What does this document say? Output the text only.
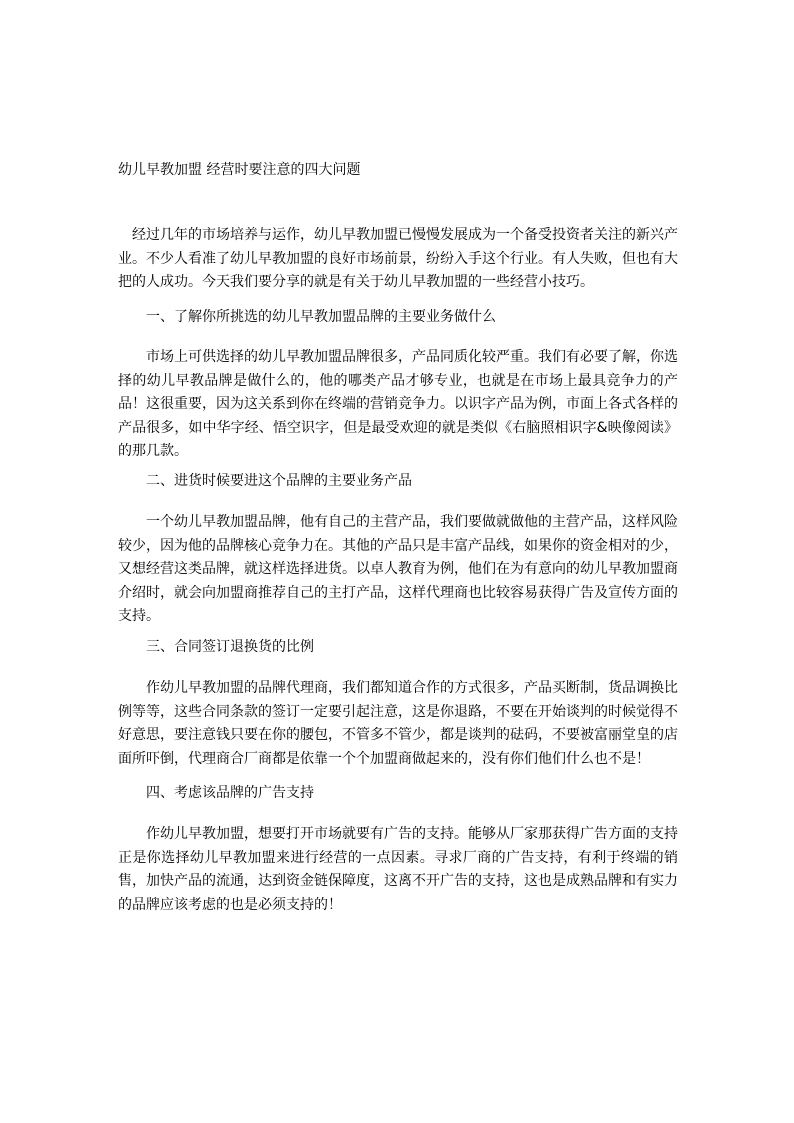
幼儿早教加盟 经营时要注意的四大问题

经过几年的市场培养与运作，幼儿早教加盟已慢慢发展成为一个备受投资者关注的新兴产业。不少人看准了幼儿早教加盟的良好市场前景，纷纷入手这个行业。有人失败，但也有大把的人成功。今天我们要分享的就是有关于幼儿早教加盟的一些经营小技巧。

一、了解你所挑选的幼儿早教加盟品牌的主要业务做什么

市场上可供选择的幼儿早教加盟品牌很多，产品同质化较严重。我们有必要了解，你选择的幼儿早教品牌是做什么的，他的哪类产品才够专业，也就是在市场上最具竞争力的产品！这很重要，因为这关系到你在终端的营销竞争力。以识字产品为例，市面上各式各样的产品很多，如中华字经、悟空识字，但是最受欢迎的就是类似《右脑照相识字&映像阅读》的那几款。

二、进货时候要进这个品牌的主要业务产品

一个幼儿早教加盟品牌，他有自己的主营产品，我们要做就做他的主营产品，这样风险较少，因为他的品牌核心竞争力在。其他的产品只是丰富产品线，如果你的资金相对的少，又想经营这类品牌，就这样选择进货。以卓人教育为例，他们在为有意向的幼儿早教加盟商介绍时，就会向加盟商推荐自己的主打产品，这样代理商也比较容易获得广告及宣传方面的支持。

三、合同签订退换货的比例

作幼儿早教加盟的品牌代理商，我们都知道合作的方式很多，产品买断制，货品调换比例等等，这些合同条款的签订一定要引起注意，这是你退路，不要在开始谈判的时候觉得不好意思，要注意钱只要在你的腰包，不管多不管少，都是谈判的砝码，不要被富丽堂皇的店面所吓倒，代理商合厂商都是依靠一个个加盟商做起来的，没有你们他们什么也不是！

四、考虑该品牌的广告支持

作幼儿早教加盟，想要打开市场就要有广告的支持。能够从厂家那获得广告方面的支持正是你选择幼儿早教加盟来进行经营的一点因素。寻求厂商的广告支持，有利于终端的销售，加快产品的流通，达到资金链保障度，这离不开广告的支持，这也是成熟品牌和有实力的品牌应该考虑的也是必须支持的！
